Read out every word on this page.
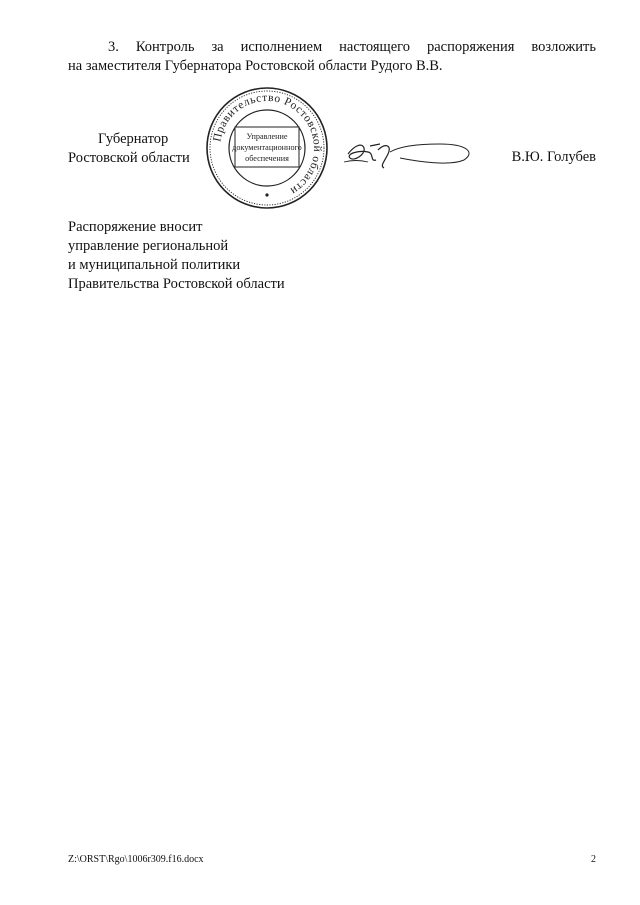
3. Контроль за исполнением настоящего распоряжения возложить
на заместителя Губернатора Ростовской области Рудого В.В.
Губернатор
Ростовской области
Правительство Ростовской области
Управление
документационного
обеспечения	В.Ю. Голубев
Распоряжение вносит
управление региональной
и муниципальной политики
Правительства Ростовской области
Z:\ORST\Rgo\1006r309.f16.docx	2
